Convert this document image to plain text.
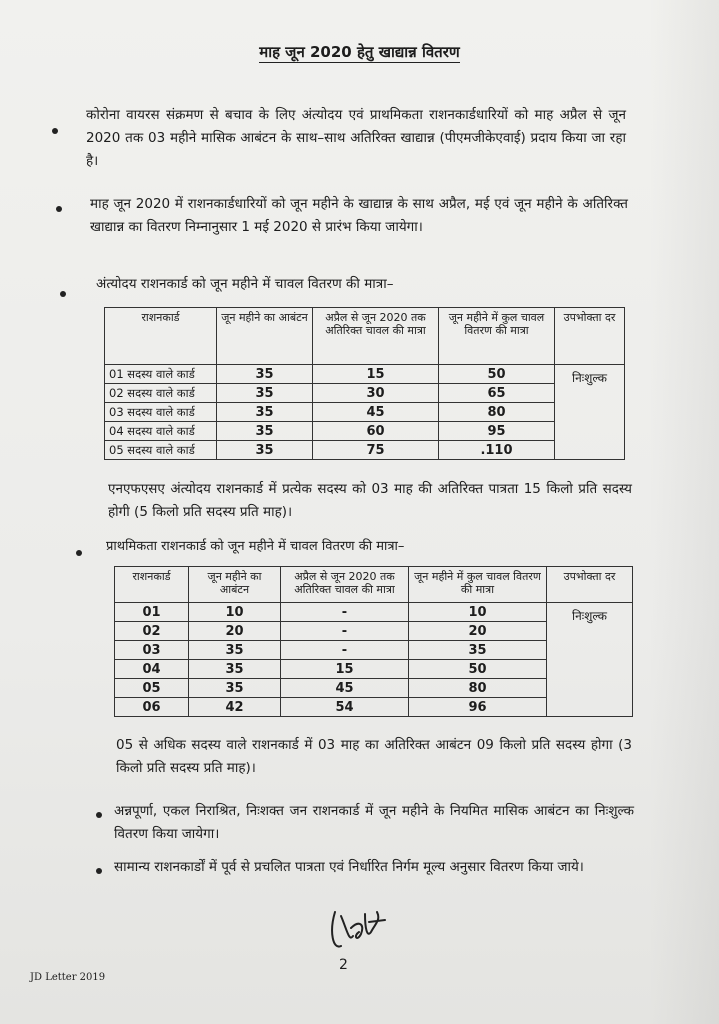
माह जून 2020 हेतु खाद्यान्न वितरण
कोरोना वायरस संक्रमण से बचाव के लिए अंत्योदय एवं प्राथमिकता राशनकार्डधारियों को माह अप्रैल से जून 2020 तक 03 महीने मासिक आबंटन के साथ–साथ अतिरिक्त खाद्यान्न (पीएमजीकेएवाई) प्रदाय किया जा रहा है।
माह जून 2020 में राशनकार्डधारियों को जून महीने के खाद्यान्न के साथ अप्रैल, मई एवं जून महीने के अतिरिक्त खाद्यान्न का वितरण निम्नानुसार 1 मई 2020 से प्रारंभ किया जायेगा।
अंत्योदय राशनकार्ड को जून महीने में चावल वितरण की मात्रा–
राशनकार्ड	जून महीने का आबंटन	अप्रैल से जून 2020 तक अतिरिक्त चावल की मात्रा	जून महीने में कुल चावल वितरण की मात्रा	उपभोक्ता दर
01 सदस्य वाले कार्ड	35	15	50	निःशुल्क
02 सदस्य वाले कार्ड	35	30	65	
03 सदस्य वाले कार्ड	35	45	80	
04 सदस्य वाले कार्ड	35	60	95	
05 सदस्य वाले कार्ड	35	75	.110	
एनएफएसए अंत्योदय राशनकार्ड में प्रत्येक सदस्य को 03 माह की अतिरिक्त पात्रता 15 किलो प्रति सदस्य होगी (5 किलो प्रति सदस्य प्रति माह)।
प्राथमिकता राशनकार्ड को जून महीने में चावल वितरण की मात्रा–
राशनकार्ड	जून महीने का आबंटन	अप्रैल से जून 2020 तक अतिरिक्त चावल की मात्रा	जून महीने में कुल चावल वितरण की मात्रा	उपभोक्ता दर
01	10	-	10	निःशुल्क
02	20	-	20	
03	35	-	35	
04	35	15	50	
05	35	45	80	
06	42	54	96	
05 से अधिक सदस्य वाले राशनकार्ड में 03 माह का अतिरिक्त आबंटन 09 किलो प्रति सदस्य होगा (3 किलो प्रति सदस्य प्रति माह)।
अन्नपूर्णा, एकल निराश्रित, निःशक्त जन राशनकार्ड में जून महीने के नियमित मासिक आबंटन का निःशुल्क वितरण किया जायेगा।
सामान्य राशनकार्डों में पूर्व से प्रचलित पात्रता एवं निर्धारित निर्गम मूल्य अनुसार वितरण किया जाये।
2
JD Letter 2019
